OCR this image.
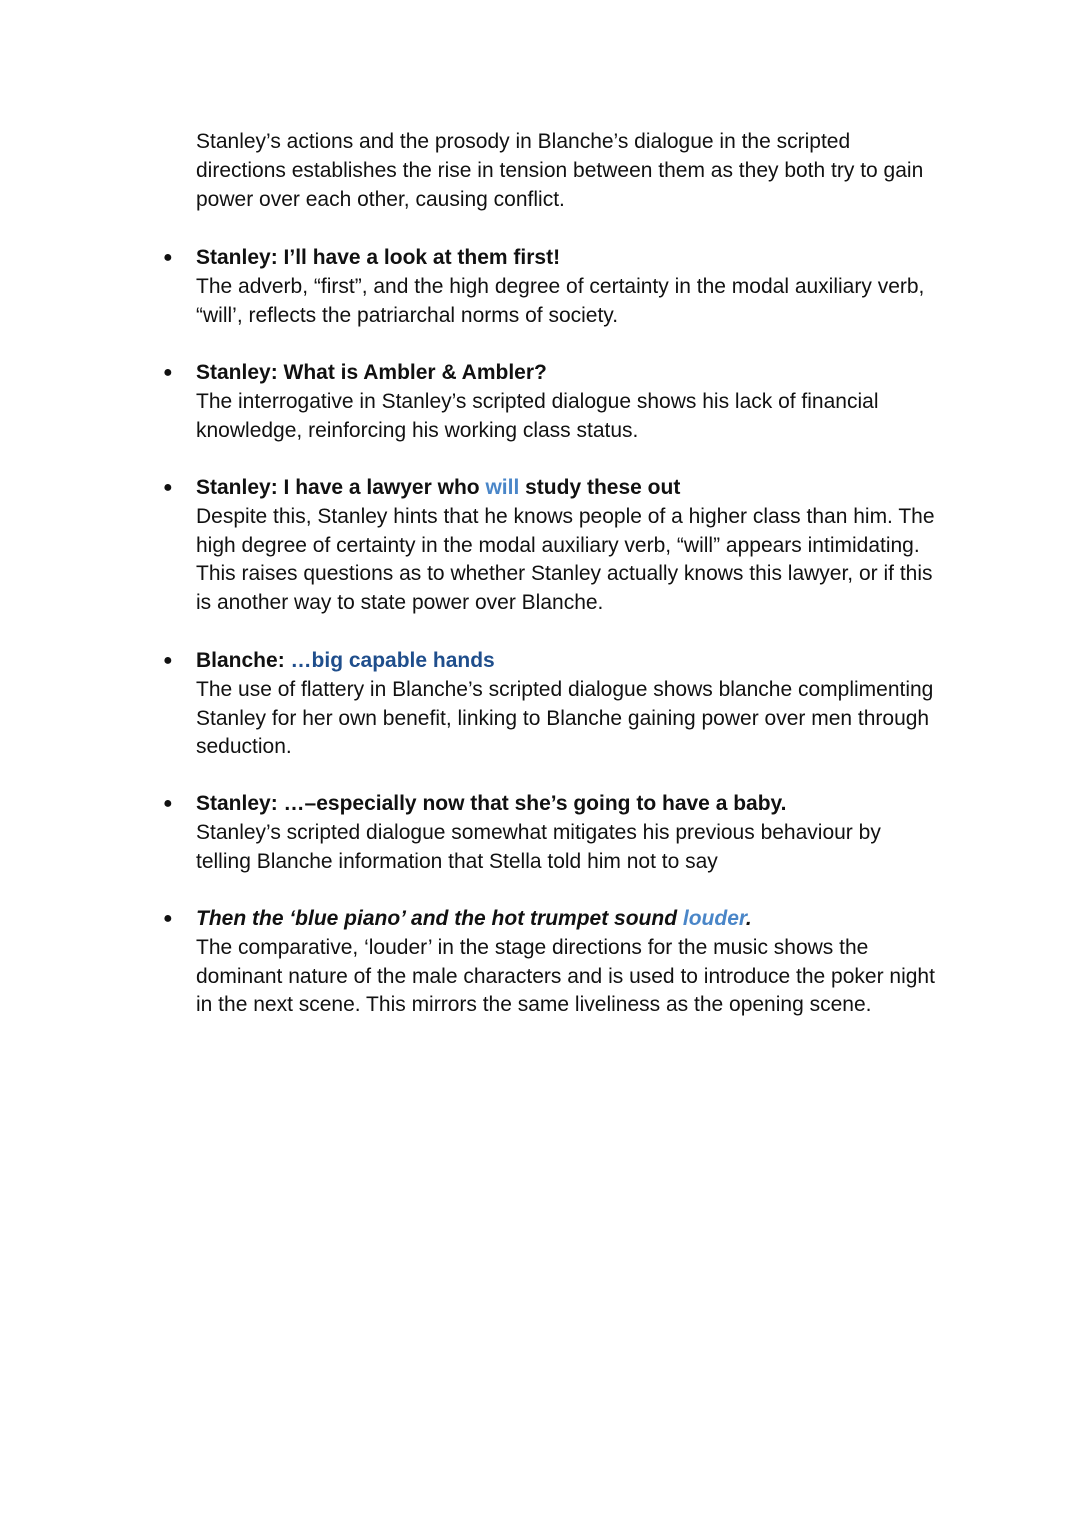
Stanley’s actions and the prosody in Blanche’s dialogue in the scripted directions establishes the rise in tension between them as they both try to gain power over each other, causing conflict.

● Stanley: I’ll have a look at them first!

The adverb, “first”, and the high degree of certainty in the modal auxiliary verb, “will’, reflects the patriarchal norms of society.

● Stanley: What is Ambler & Ambler?

The interrogative in Stanley’s scripted dialogue shows his lack of financial knowledge, reinforcing his working class status.

● Stanley: I have a lawyer who will study these out

Despite this, Stanley hints that he knows people of a higher class than him. The high degree of certainty in the modal auxiliary verb, “will” appears intimidating. This raises questions as to whether Stanley actually knows this lawyer, or if this is another way to state power over Blanche.

● Blanche: …big capable hands

The use of flattery in Blanche’s scripted dialogue shows blanche complimenting Stanley for her own benefit, linking to Blanche gaining power over men through seduction.

● Stanley: …–especially now that she’s going to have a baby.

Stanley’s scripted dialogue somewhat mitigates his previous behaviour by telling Blanche information that Stella told him not to say

● Then the ‘blue piano’ and the hot trumpet sound louder.

The comparative, ‘louder’ in the stage directions for the music shows the dominant nature of the male characters and is used to introduce the poker night in the next scene. This mirrors the same liveliness as the opening scene.
